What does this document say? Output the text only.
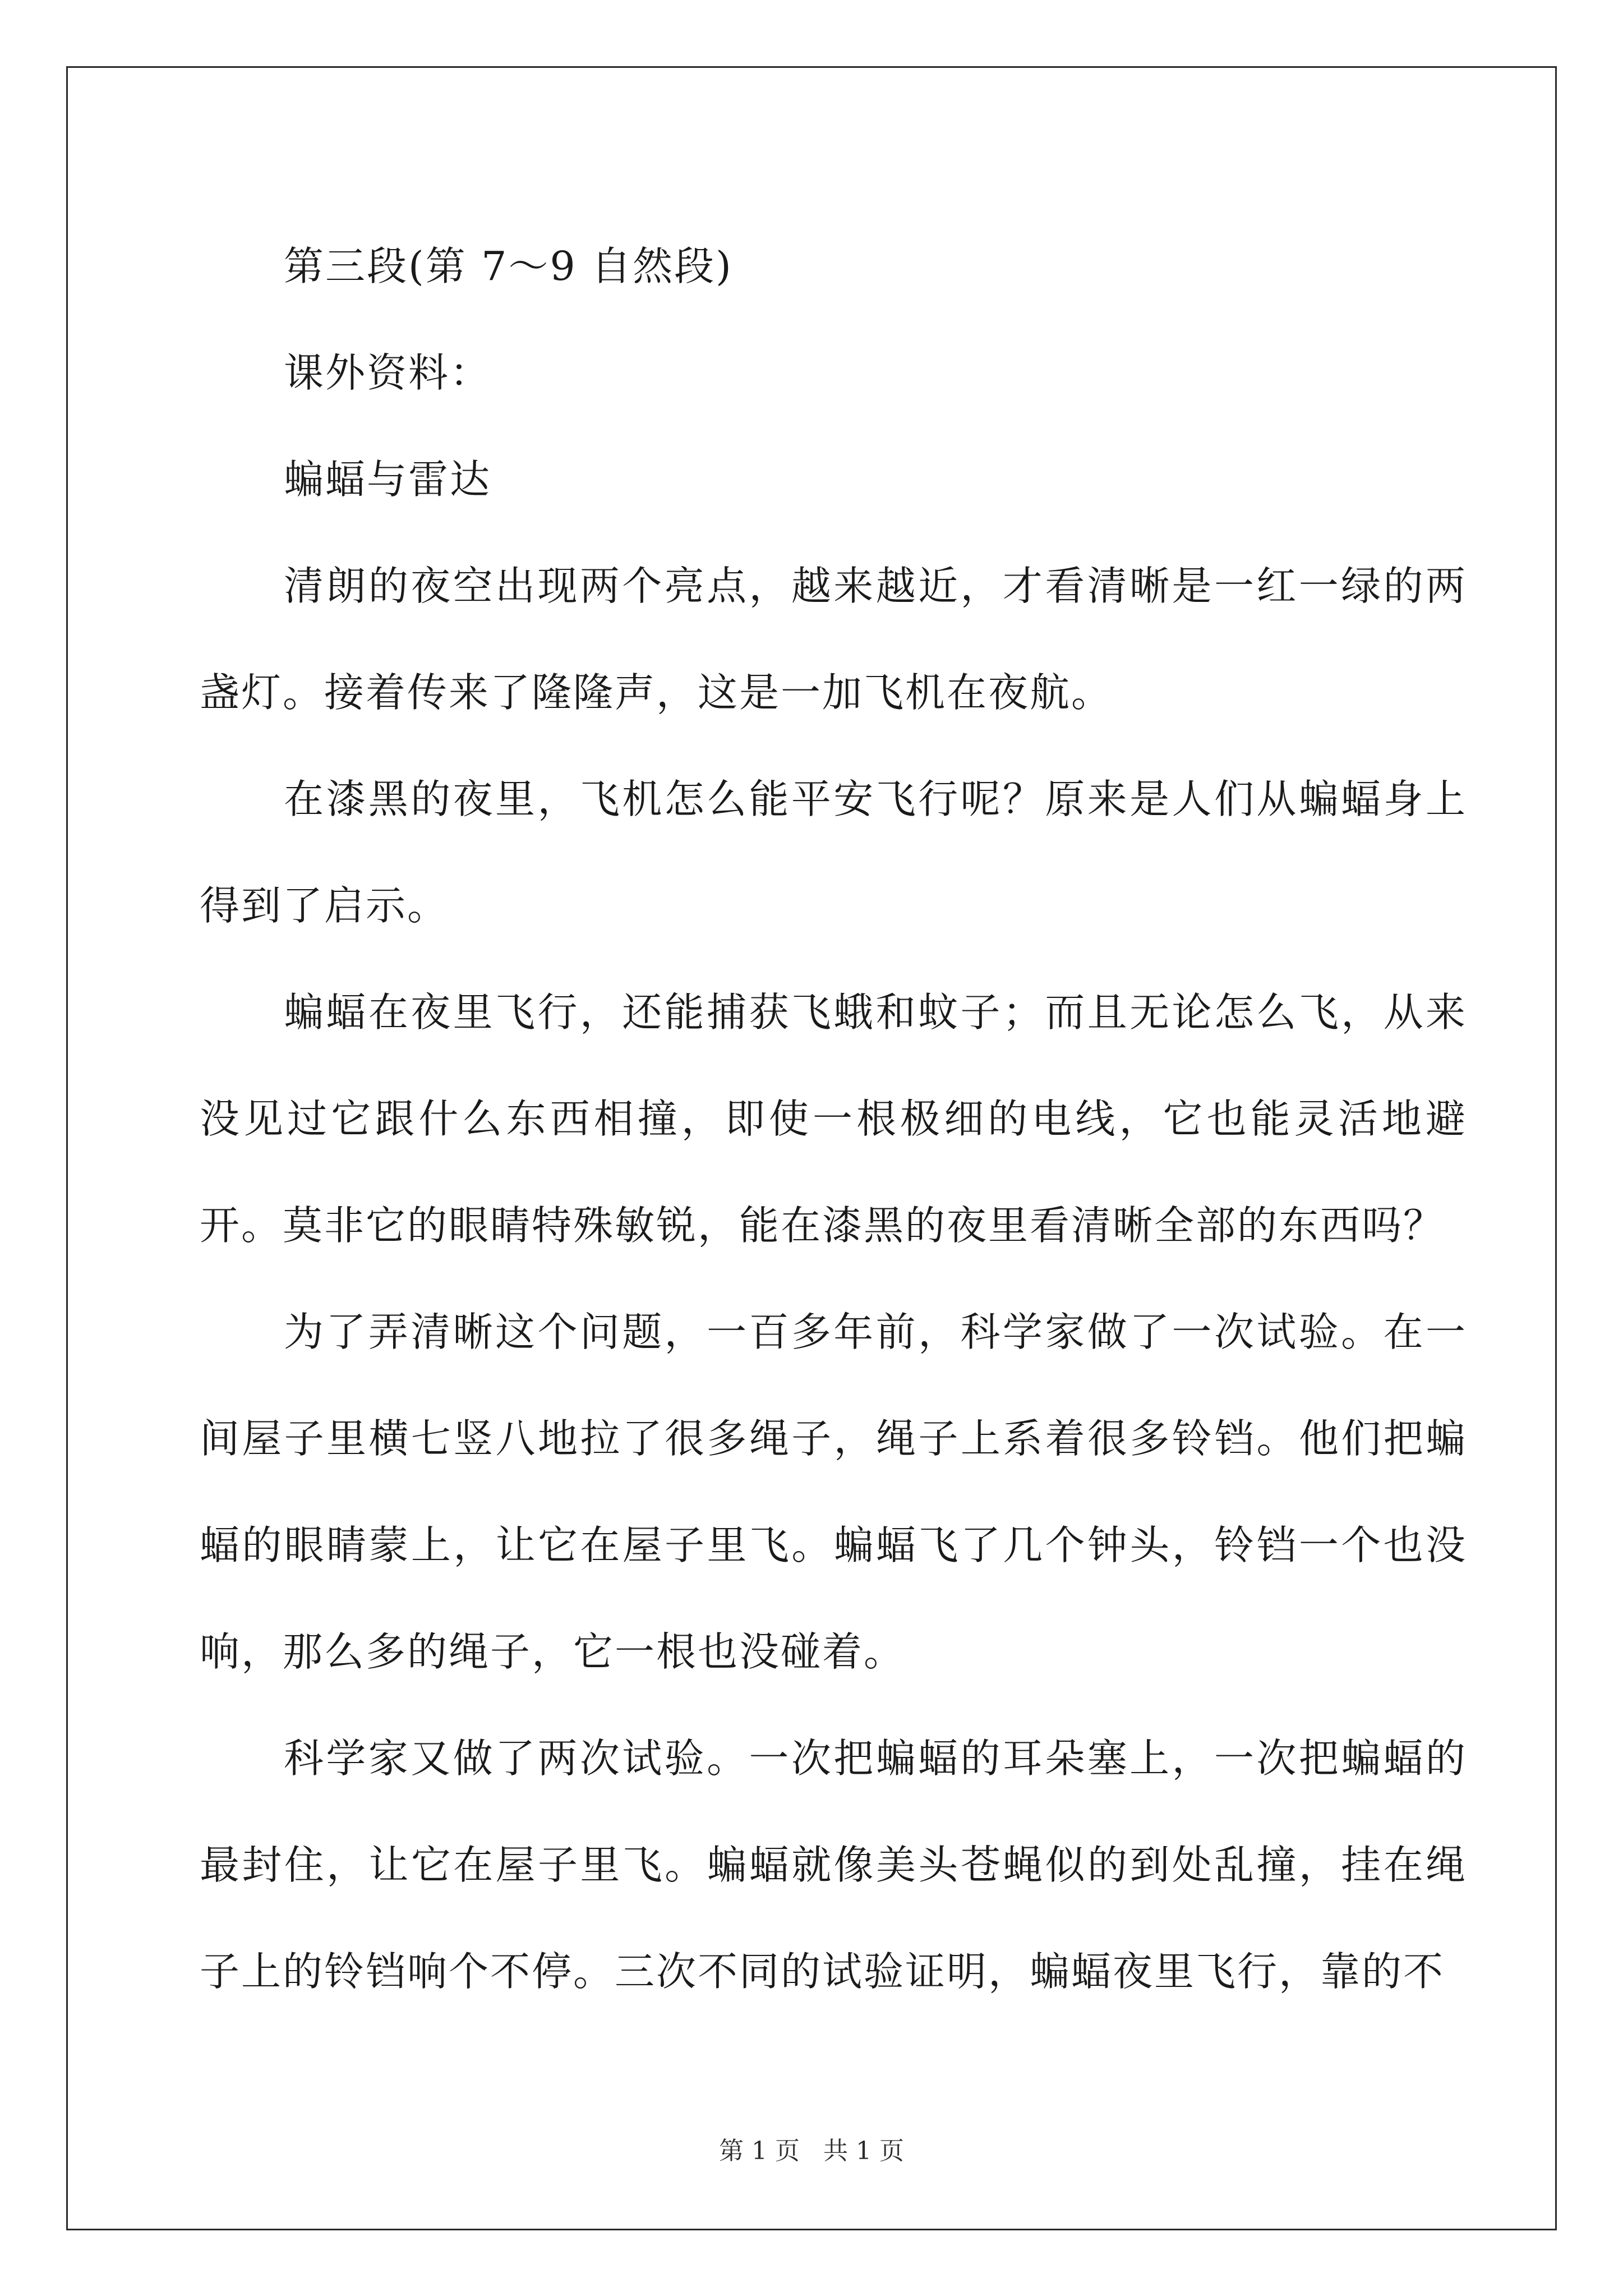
第三段(第 7～9 自然段)

课外资料：

蝙蝠与雷达

清朗的夜空出现两个亮点，越来越近，才看清晰是一红一绿的两盏灯。接着传来了隆隆声，这是一加飞机在夜航。

在漆黑的夜里，飞机怎么能平安飞行呢？原来是人们从蝙蝠身上得到了启示。

蝙蝠在夜里飞行，还能捕获飞蛾和蚊子；而且无论怎么飞，从来没见过它跟什么东西相撞，即使一根极细的电线，它也能灵活地避开。莫非它的眼睛特殊敏锐，能在漆黑的夜里看清晰全部的东西吗？

为了弄清晰这个问题，一百多年前，科学家做了一次试验。在一间屋子里横七竖八地拉了很多绳子，绳子上系着很多铃铛。他们把蝙蝠的眼睛蒙上，让它在屋子里飞。蝙蝠飞了几个钟头，铃铛一个也没响，那么多的绳子，它一根也没碰着。

科学家又做了两次试验。一次把蝙蝠的耳朵塞上，一次把蝙蝠的最封住，让它在屋子里飞。蝙蝠就像美头苍蝇似的到处乱撞，挂在绳子上的铃铛响个不停。三次不同的试验证明，蝙蝠夜里飞行，靠的不

第 1 页 共 1 页
